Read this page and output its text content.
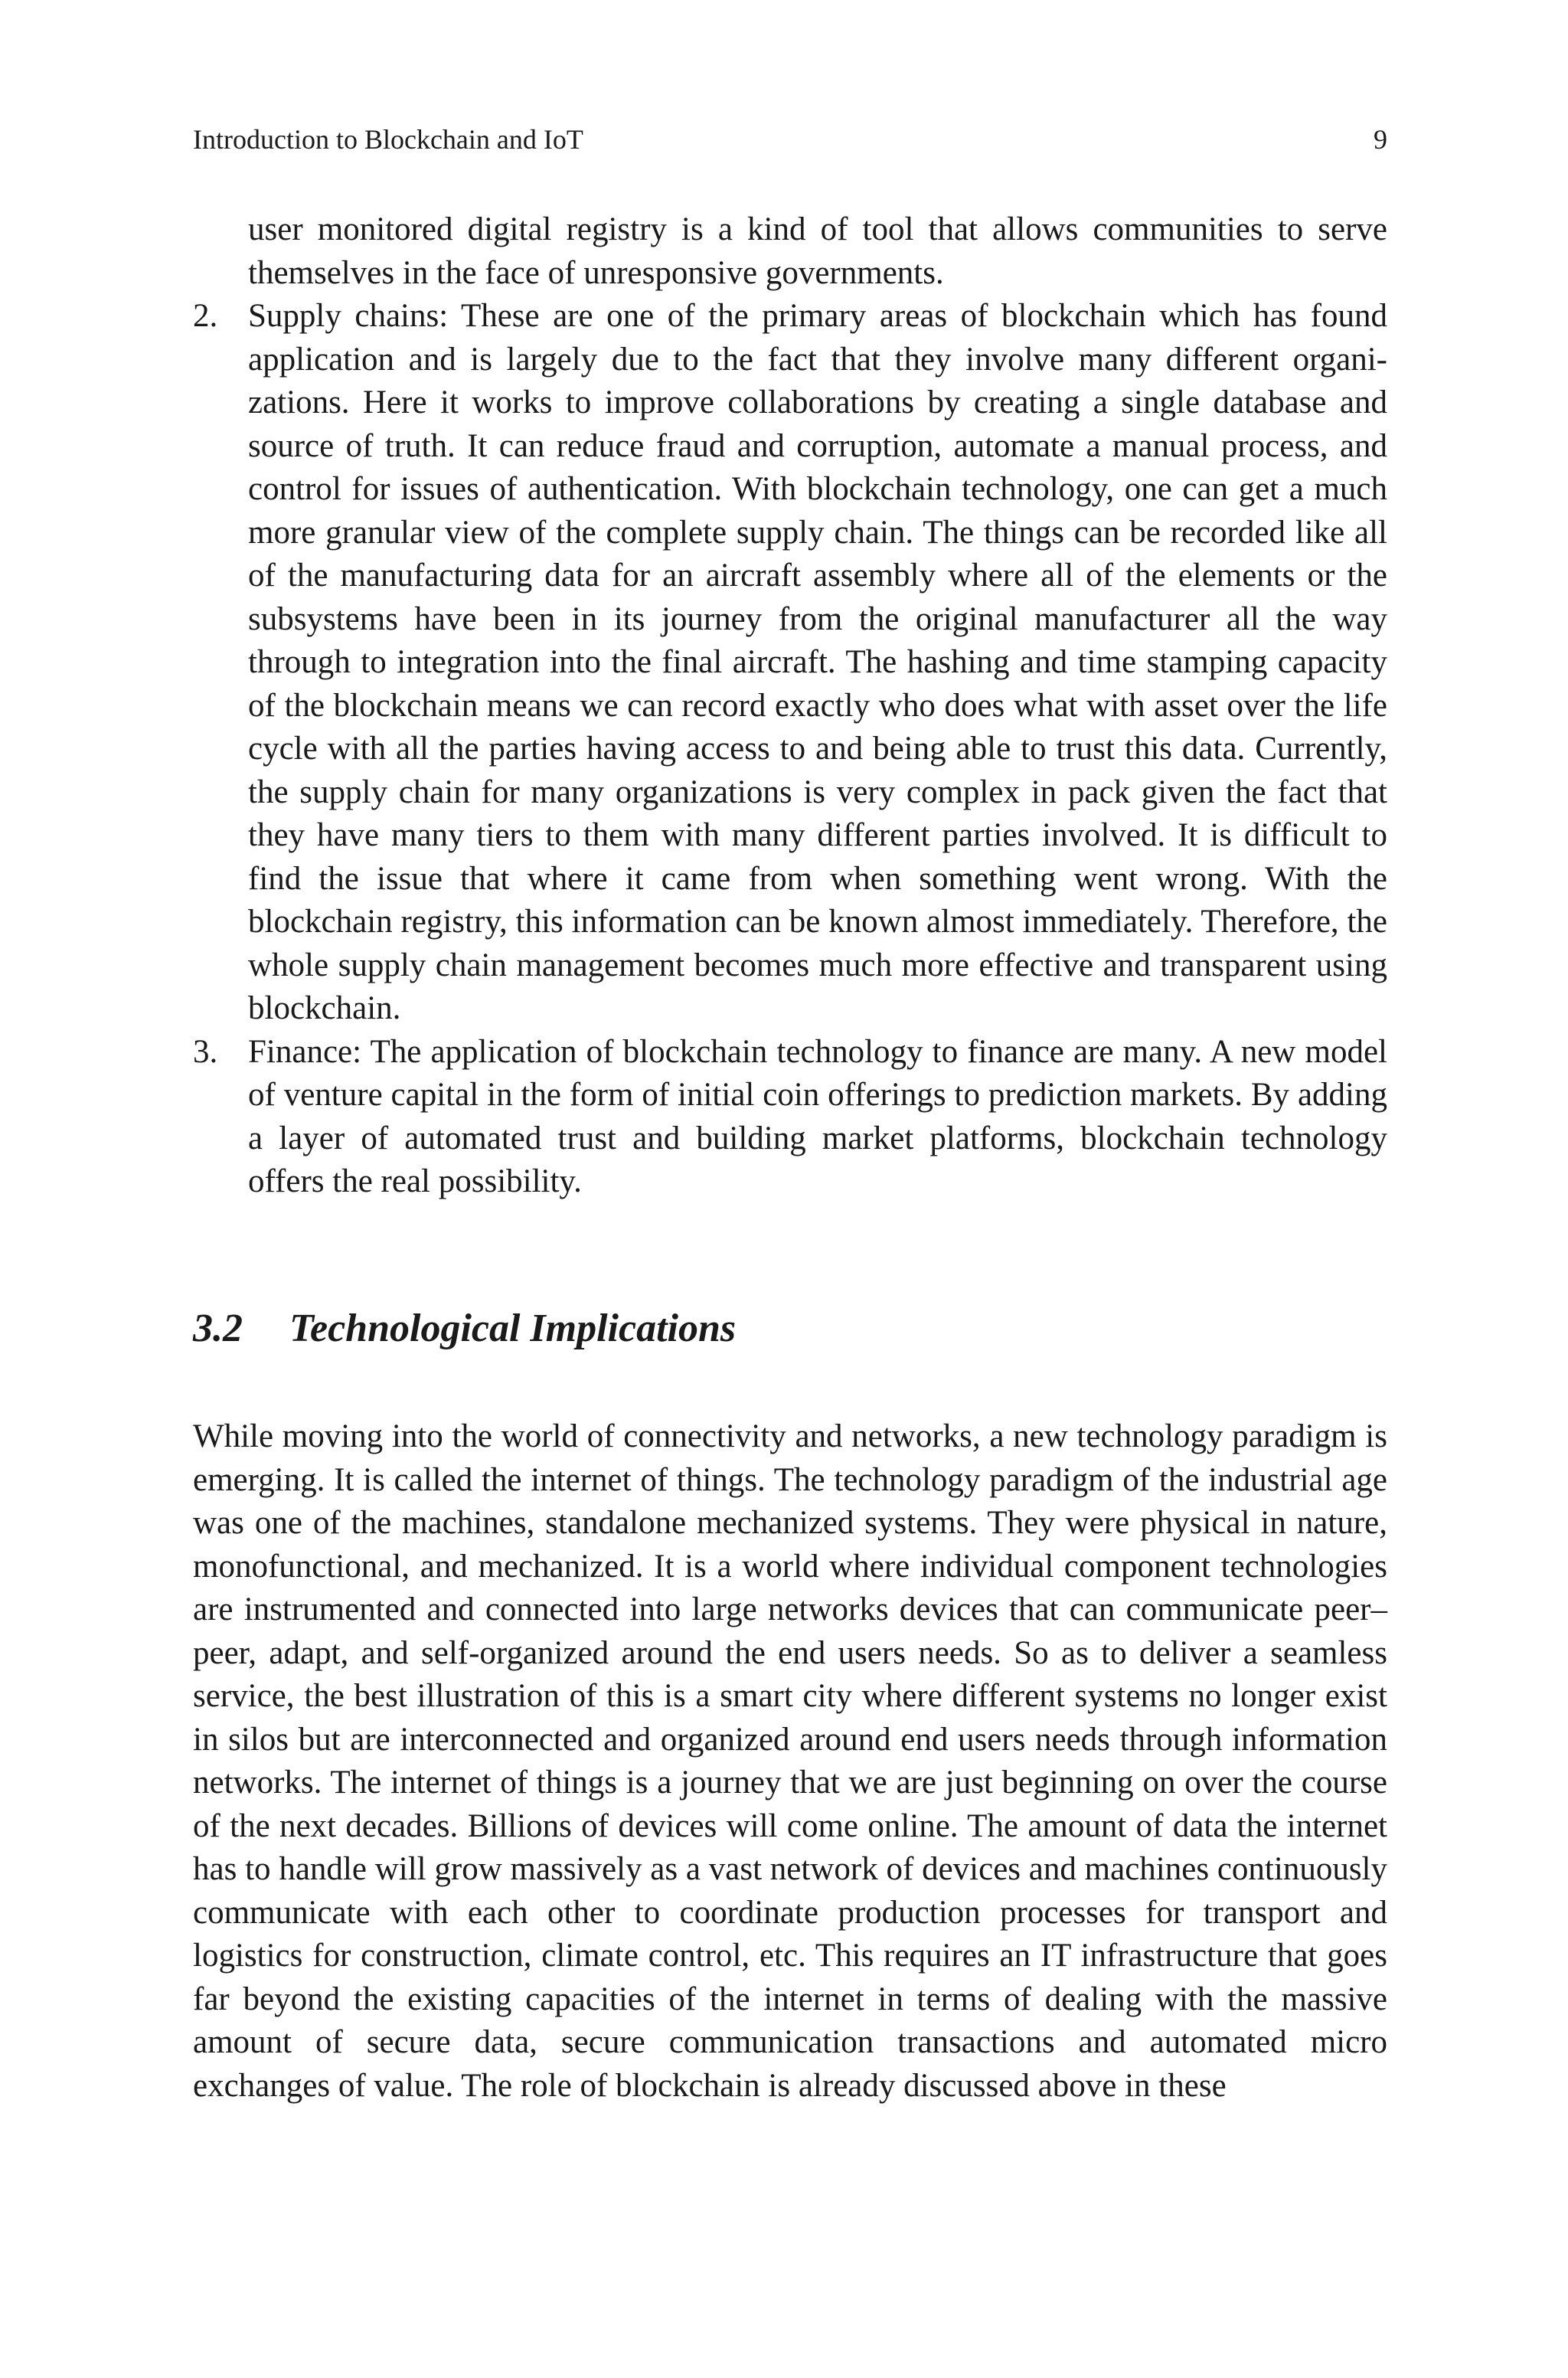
Introduction to Blockchain and IoT	9

user monitored digital registry is a kind of tool that allows communities to serve themselves in the face of unresponsive governments.

2. Supply chains: These are one of the primary areas of blockchain which has found application and is largely due to the fact that they involve many different organizations. Here it works to improve collaborations by creating a single database and source of truth. It can reduce fraud and corruption, automate a manual process, and control for issues of authentication. With blockchain technology, one can get a much more granular view of the complete supply chain. The things can be recorded like all of the manufacturing data for an aircraft assembly where all of the elements or the subsystems have been in its journey from the original manufacturer all the way through to integration into the final aircraft. The hashing and time stamping capacity of the blockchain means we can record exactly who does what with asset over the life cycle with all the parties having access to and being able to trust this data. Currently, the supply chain for many organizations is very complex in pack given the fact that they have many tiers to them with many different parties involved. It is difficult to find the issue that where it came from when something went wrong. With the blockchain registry, this information can be known almost immediately. Therefore, the whole supply chain management becomes much more effective and transparent using blockchain.

3. Finance: The application of blockchain technology to finance are many. A new model of venture capital in the form of initial coin offerings to prediction markets. By adding a layer of automated trust and building market platforms, blockchain technology offers the real possibility.

3.2 Technological Implications

While moving into the world of connectivity and networks, a new technology paradigm is emerging. It is called the internet of things. The technology paradigm of the industrial age was one of the machines, standalone mechanized systems. They were physical in nature, monofunctional, and mechanized. It is a world where individual component technologies are instrumented and connected into large networks devices that can communicate peer–peer, adapt, and self-organized around the end users needs. So as to deliver a seamless service, the best illustration of this is a smart city where different systems no longer exist in silos but are interconnected and organized around end users needs through information networks. The internet of things is a journey that we are just beginning on over the course of the next decades. Billions of devices will come online. The amount of data the internet has to handle will grow massively as a vast network of devices and machines continuously communicate with each other to coordinate production processes for transport and logistics for construction, climate control, etc. This requires an IT infrastructure that goes far beyond the existing capacities of the internet in terms of dealing with the massive amount of secure data, secure communication transactions and automated micro exchanges of value. The role of blockchain is already discussed above in these
